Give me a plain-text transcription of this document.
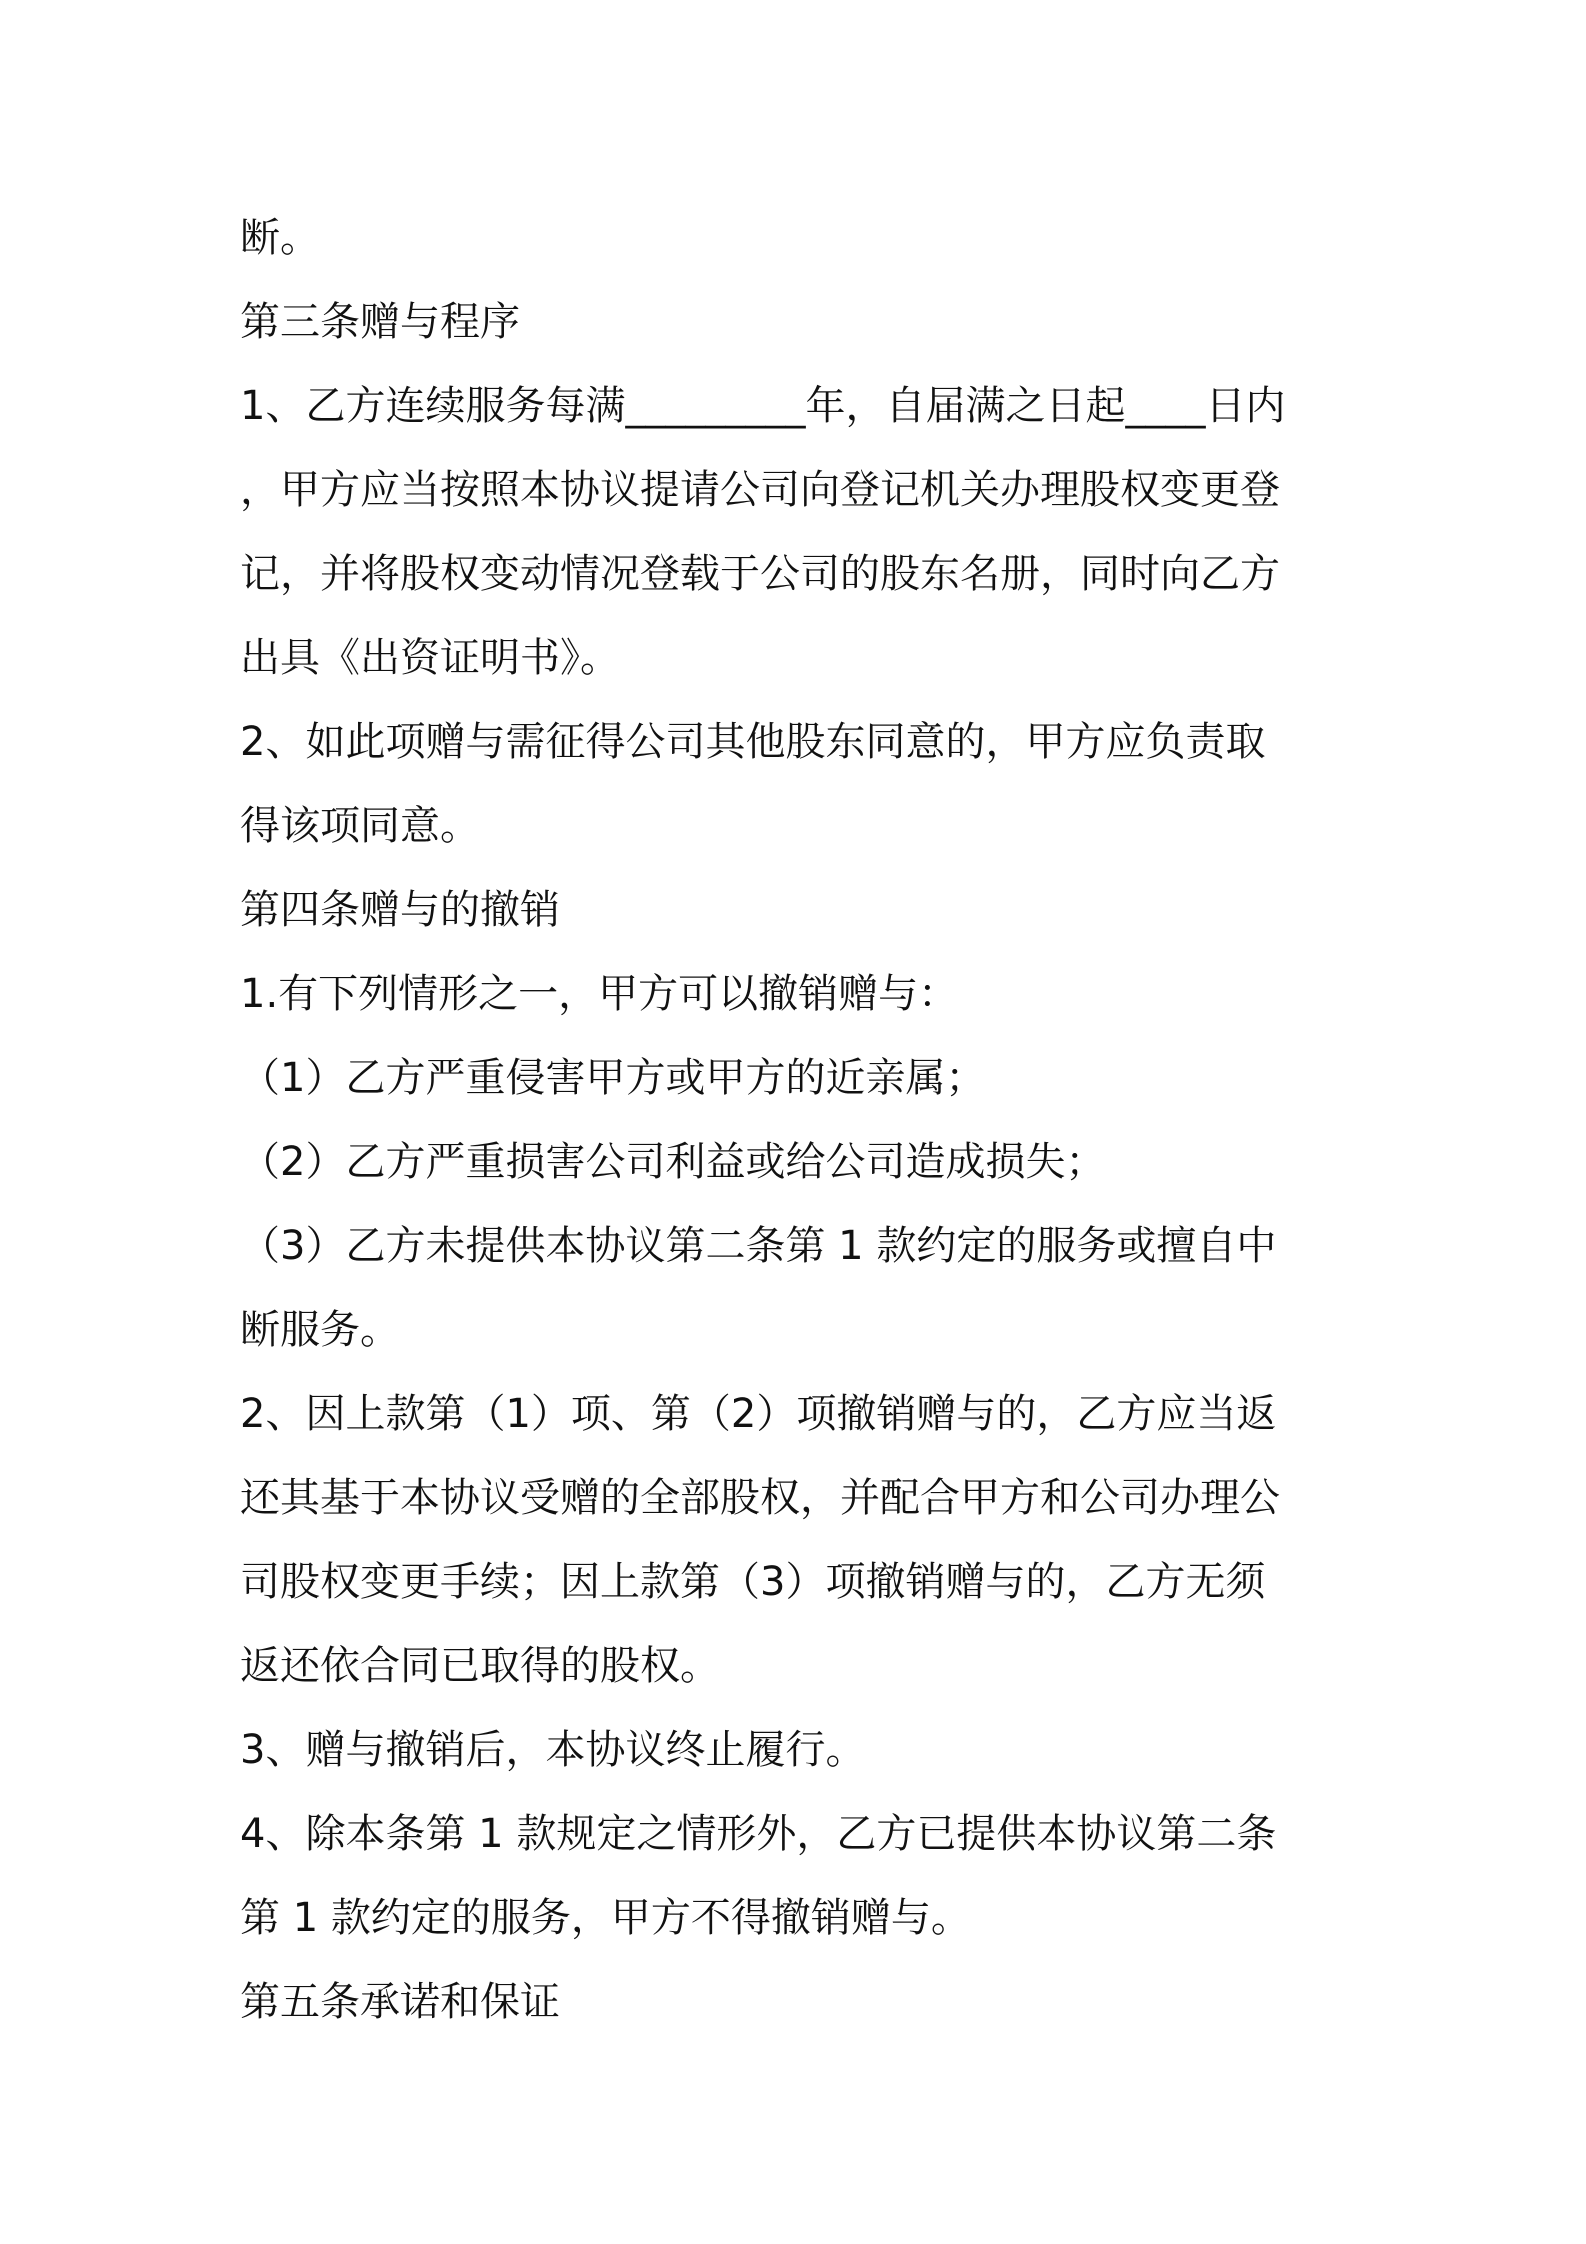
断。
第三条赠与程序
1、乙方连续服务每满_________年，自届满之日起____日内
，甲方应当按照本协议提请公司向登记机关办理股权变更登
记，并将股权变动情况登载于公司的股东名册，同时向乙方
出具《出资证明书》。
2、如此项赠与需征得公司其他股东同意的，甲方应负责取
得该项同意。
第四条赠与的撤销
1.有下列情形之一，甲方可以撤销赠与：
（1）乙方严重侵害甲方或甲方的近亲属；
（2）乙方严重损害公司利益或给公司造成损失；
（3）乙方未提供本协议第二条第 1 款约定的服务或擅自中
断服务。
2、因上款第（1）项、第（2）项撤销赠与的，乙方应当返
还其基于本协议受赠的全部股权，并配合甲方和公司办理公
司股权变更手续；因上款第（3）项撤销赠与的，乙方无须
返还依合同已取得的股权。
3、赠与撤销后，本协议终止履行。
4、除本条第 1 款规定之情形外，乙方已提供本协议第二条
第 1 款约定的服务，甲方不得撤销赠与。
第五条承诺和保证
